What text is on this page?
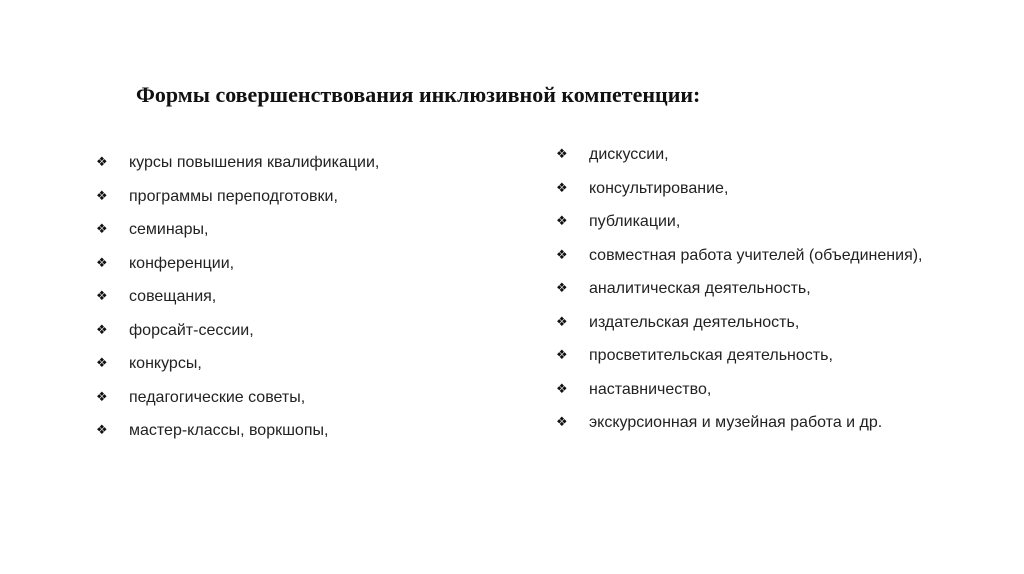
Формы совершенствования инклюзивной компетенции:
❖	курсы повышения квалификации,
❖	программы переподготовки,
❖	семинары,
❖	конференции,
❖	совещания,
❖	форсайт-сессии,
❖	конкурсы,
❖	педагогические советы,
❖	мастер-классы, воркшопы,
❖	дискуссии,
❖	консультирование,
❖	публикации,
❖	совместная работа учителей (объединения),
❖	аналитическая деятельность,
❖	издательская деятельность,
❖	просветительская деятельность,
❖	наставничество,
❖	экскурсионная и музейная работа и др.
